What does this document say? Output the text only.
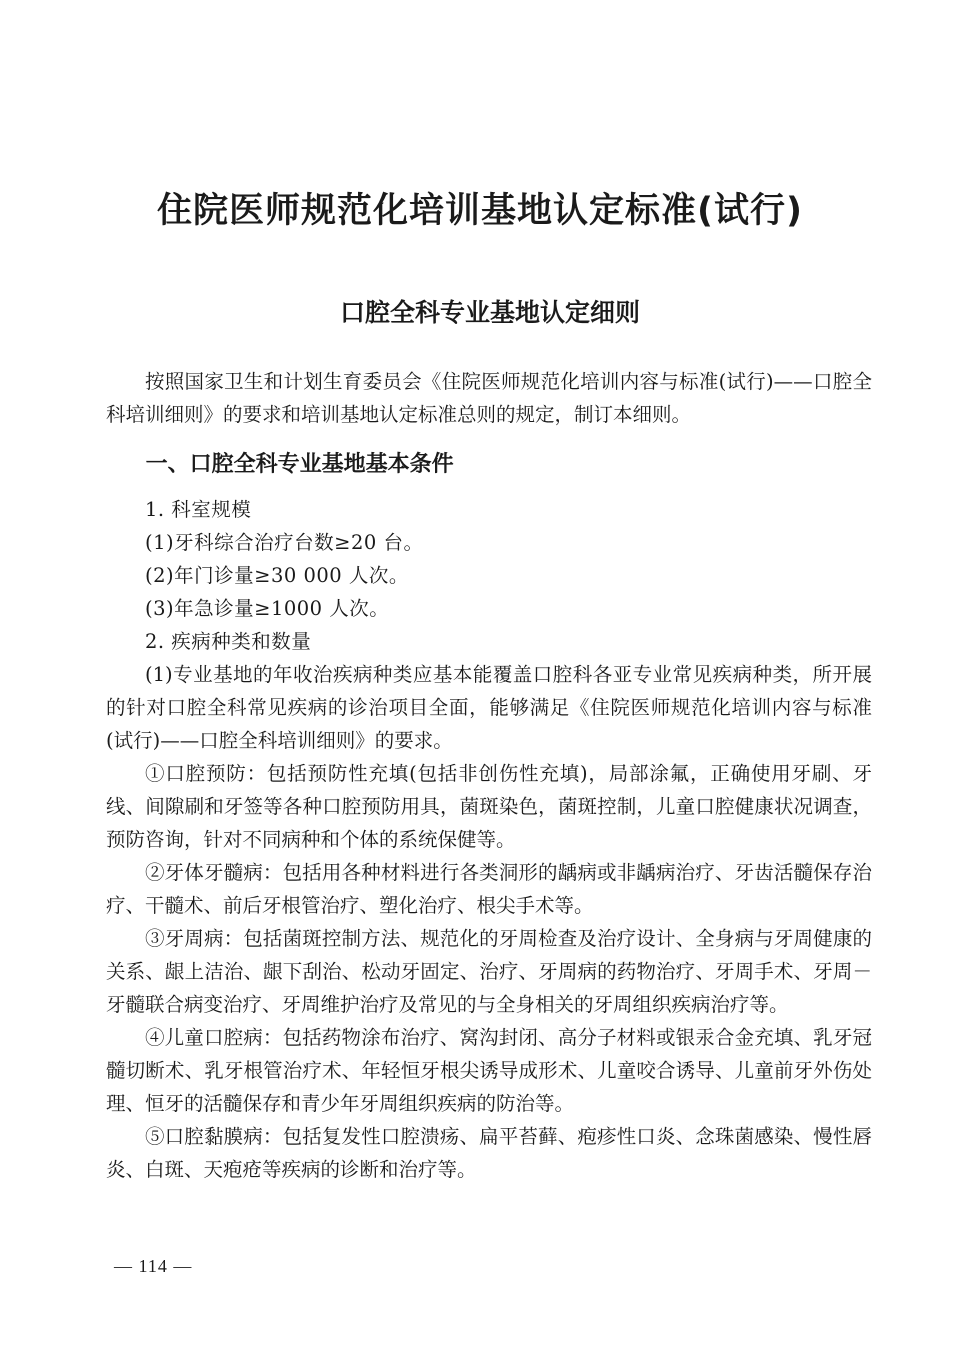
住院医师规范化培训基地认定标准(试行)
口腔全科专业基地认定细则

按照国家卫生和计划生育委员会《住院医师规范化培训内容与标准(试行)——口腔全科培训细则》的要求和培训基地认定标准总则的规定，制订本细则。

一、口腔全科专业基地基本条件

1. 科室规模

(1)牙科综合治疗台数≥20 台。

(2)年门诊量≥30 000 人次。

(3)年急诊量≥1000 人次。

2. 疾病种类和数量

(1)专业基地的年收治疾病种类应基本能覆盖口腔科各亚专业常见疾病种类，所开展的针对口腔全科常见疾病的诊治项目全面，能够满足《住院医师规范化培训内容与标准(试行)——口腔全科培训细则》的要求。

①口腔预防：包括预防性充填(包括非创伤性充填)，局部涂氟，正确使用牙刷、牙线、间隙刷和牙签等各种口腔预防用具，菌斑染色，菌斑控制，儿童口腔健康状况调查，预防咨询，针对不同病种和个体的系统保健等。

②牙体牙髓病：包括用各种材料进行各类洞形的龋病或非龋病治疗、牙齿活髓保存治疗、干髓术、前后牙根管治疗、塑化治疗、根尖手术等。

③牙周病：包括菌斑控制方法、规范化的牙周检查及治疗设计、全身病与牙周健康的关系、龈上洁治、龈下刮治、松动牙固定、治疗、牙周病的药物治疗、牙周手术、牙周－牙髓联合病变治疗、牙周维护治疗及常见的与全身相关的牙周组织疾病治疗等。

④儿童口腔病：包括药物涂布治疗、窝沟封闭、高分子材料或银汞合金充填、乳牙冠髓切断术、乳牙根管治疗术、年轻恒牙根尖诱导成形术、儿童咬合诱导、儿童前牙外伤处理、恒牙的活髓保存和青少年牙周组织疾病的防治等。

⑤口腔黏膜病：包括复发性口腔溃疡、扁平苔藓、疱疹性口炎、念珠菌感染、慢性唇炎、白斑、天疱疮等疾病的诊断和治疗等。

— 114 —
